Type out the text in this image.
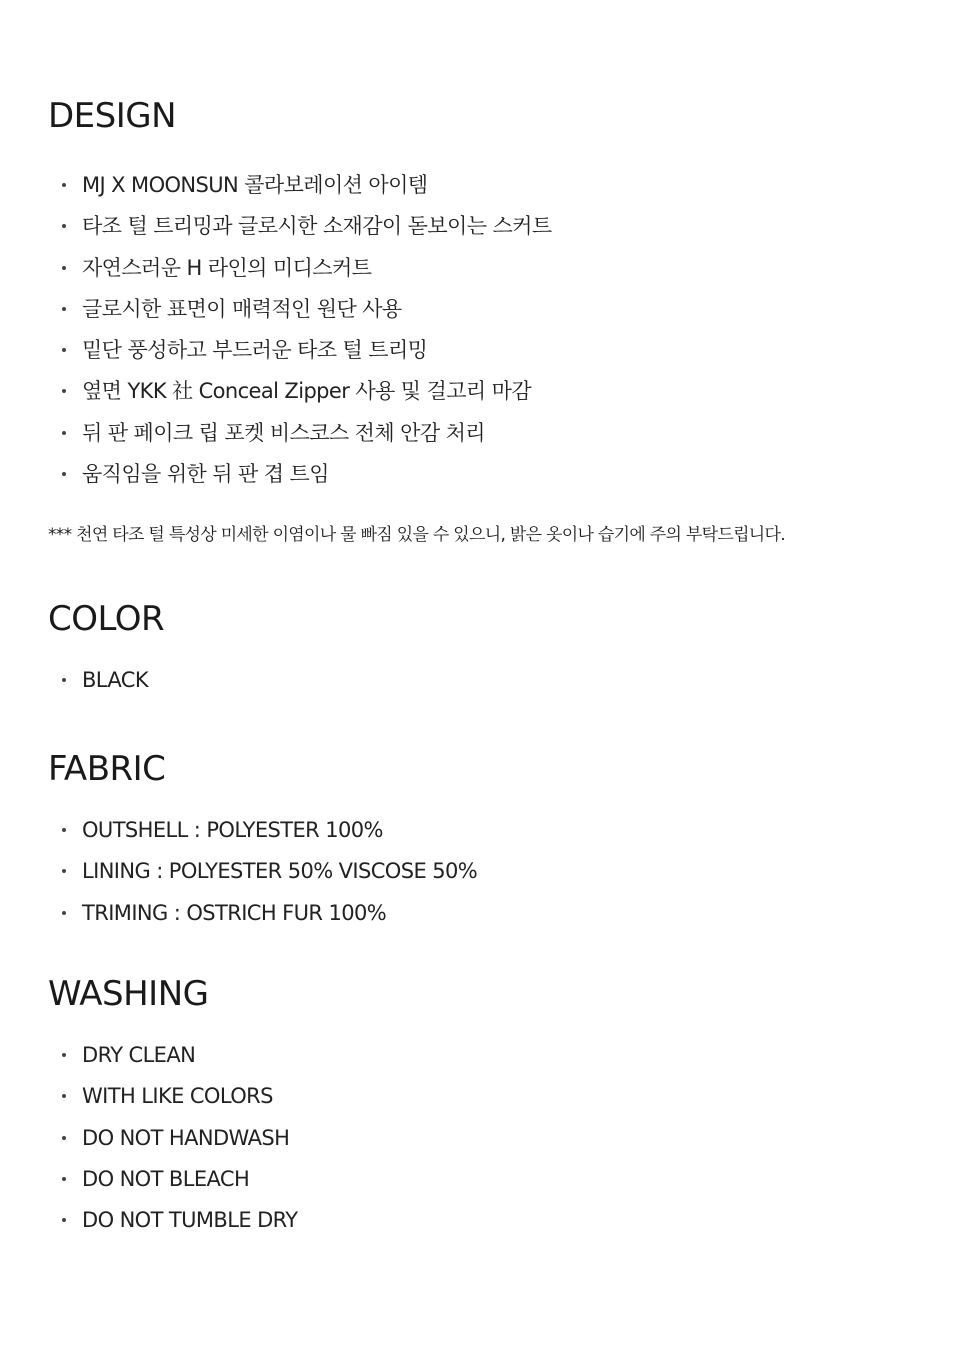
DESIGN
MJ X MOONSUN 콜라보레이션 아이템
타조 털 트리밍과 글로시한 소재감이 돋보이는 스커트
자연스러운 H 라인의 미디스커트
글로시한 표면이 매력적인 원단 사용
밑단 풍성하고 부드러운 타조 털 트리밍
옆면 YKK 社 Conceal Zipper 사용 및 걸고리 마감
뒤 판 페이크 립 포켓 비스코스 전체 안감 처리
움직임을 위한 뒤 판 겹 트임

*** 천연 타조 털 특성상 미세한 이염이나 물 빠짐 있을 수 있으니, 밝은 옷이나 습기에 주의 부탁드립니다.

COLOR
BLACK
FABRIC
OUTSHELL : POLYESTER 100%
LINING : POLYESTER 50% VISCOSE 50%
TRIMING : OSTRICH FUR 100%
WASHING
DRY CLEAN
WITH LIKE COLORS
DO NOT HANDWASH
DO NOT BLEACH
DO NOT TUMBLE DRY
